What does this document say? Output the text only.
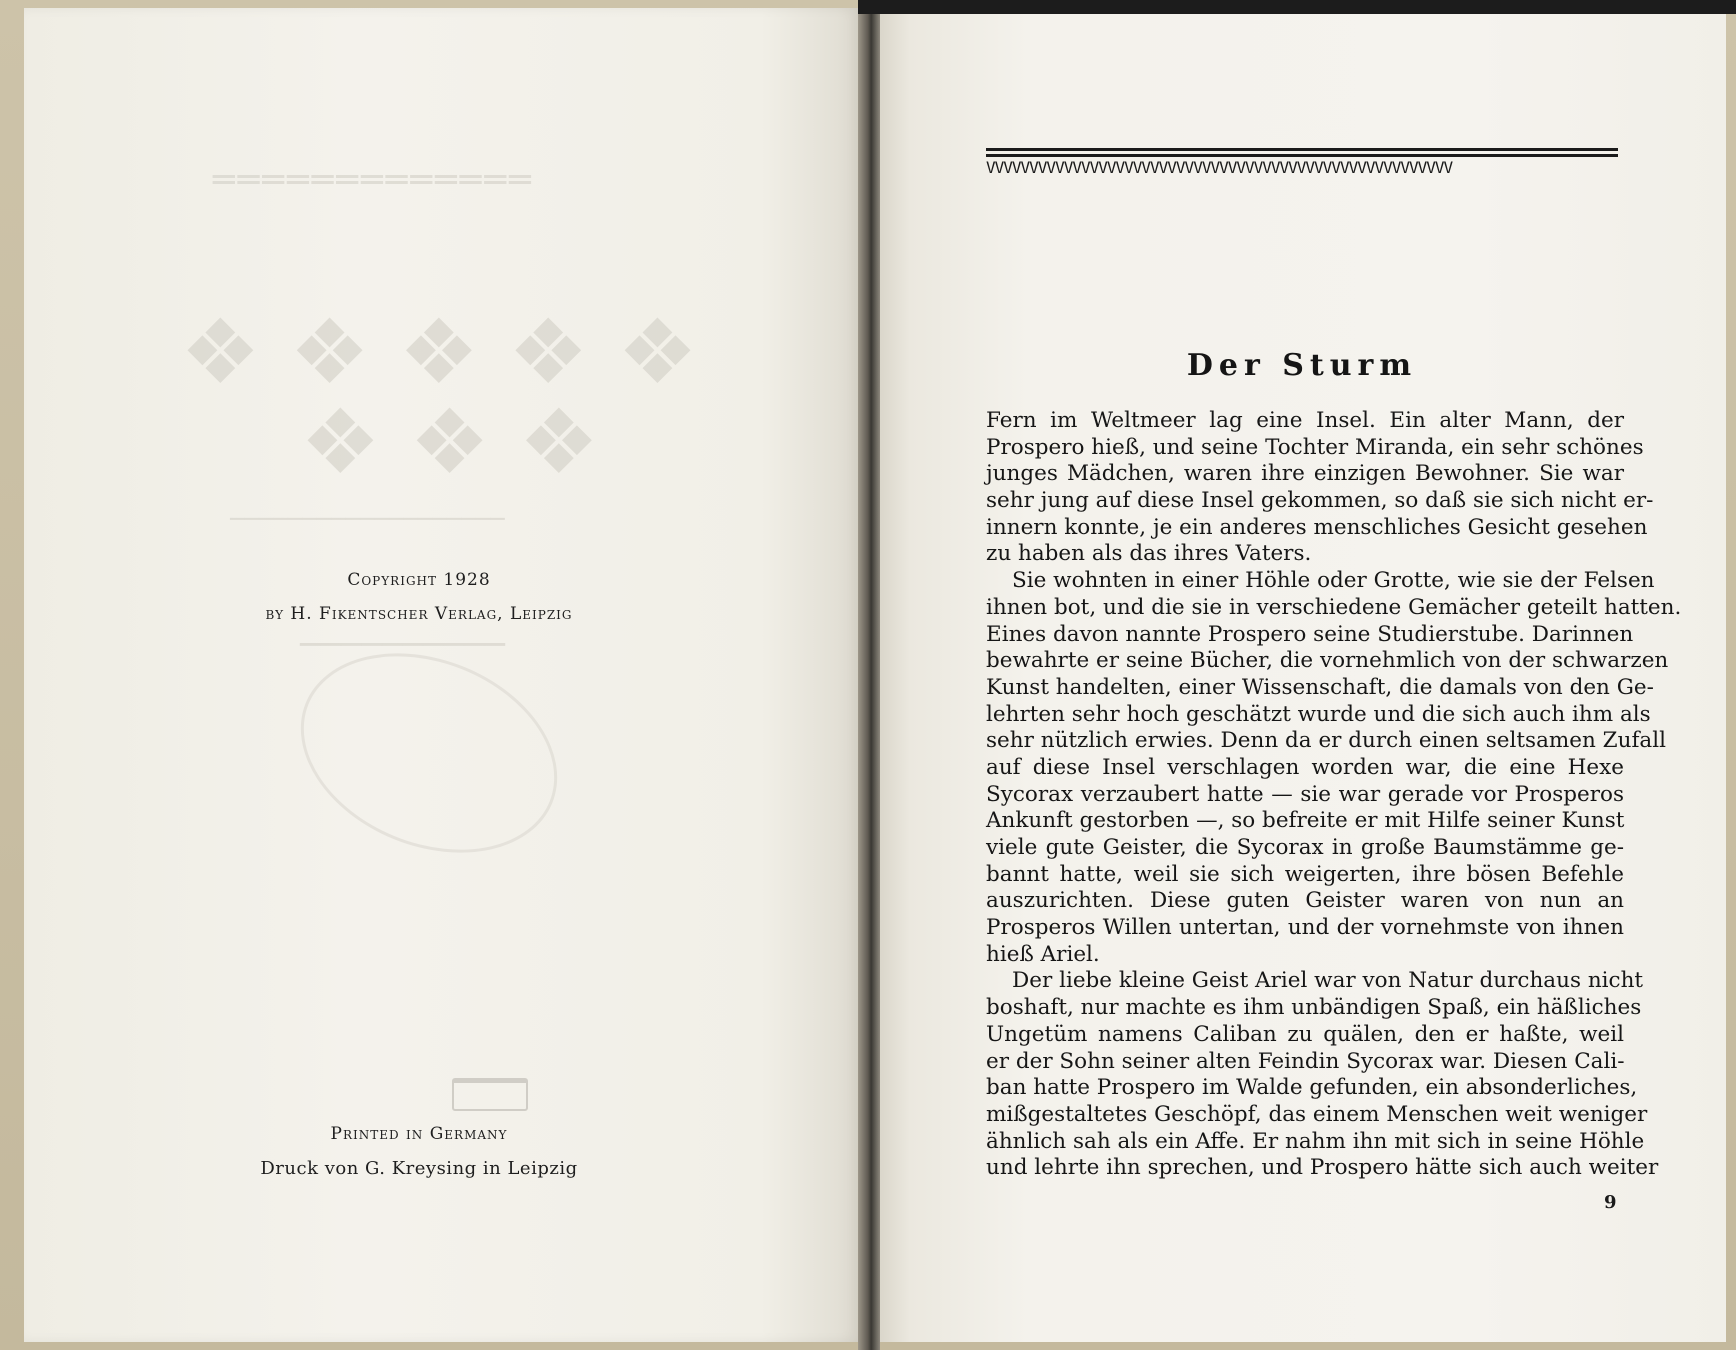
═════════════
❖ ❖ ❖ ❖ ❖
❖ ❖ ❖
───────────────────
──────────
Copyright 1928
by H. Fikentscher Verlag, Leipzig
Printed in Germany
Druck von G. Kreysing in Leipzig
VVVVVVVVVVVVVVVVVVVVVVVVVVVVVVVVVVVVVVVVVVVVVVVVVVVVVV
Der Sturm
Fern im Weltmeer lag eine Insel. Ein alter Mann, der
Prospero hieß, und seine Tochter Miranda, ein sehr schönes
junges Mädchen, waren ihre einzigen Bewohner. Sie war
sehr jung auf diese Insel gekommen, so daß sie sich nicht er-
innern konnte, je ein anderes menschliches Gesicht gesehen
zu haben als das ihres Vaters.
Sie wohnten in einer Höhle oder Grotte, wie sie der Felsen
ihnen bot, und die sie in verschiedene Gemächer geteilt hatten.
Eines davon nannte Prospero seine Studierstube. Darinnen
bewahrte er seine Bücher, die vornehmlich von der schwarzen
Kunst handelten, einer Wissenschaft, die damals von den Ge-
lehrten sehr hoch geschätzt wurde und die sich auch ihm als
sehr nützlich erwies. Denn da er durch einen seltsamen Zufall
auf diese Insel verschlagen worden war, die eine Hexe
Sycorax verzaubert hatte — sie war gerade vor Prosperos
Ankunft gestorben —, so befreite er mit Hilfe seiner Kunst
viele gute Geister, die Sycorax in große Baumstämme ge-
bannt hatte, weil sie sich weigerten, ihre bösen Befehle
auszurichten. Diese guten Geister waren von nun an
Prosperos Willen untertan, und der vornehmste von ihnen
hieß Ariel.
Der liebe kleine Geist Ariel war von Natur durchaus nicht
boshaft, nur machte es ihm unbändigen Spaß, ein häßliches
Ungetüm namens Caliban zu quälen, den er haßte, weil
er der Sohn seiner alten Feindin Sycorax war. Diesen Cali-
ban hatte Prospero im Walde gefunden, ein absonderliches,
mißgestaltetes Geschöpf, das einem Menschen weit weniger
ähnlich sah als ein Affe. Er nahm ihn mit sich in seine Höhle
und lehrte ihn sprechen, und Prospero hätte sich auch weiter
9
